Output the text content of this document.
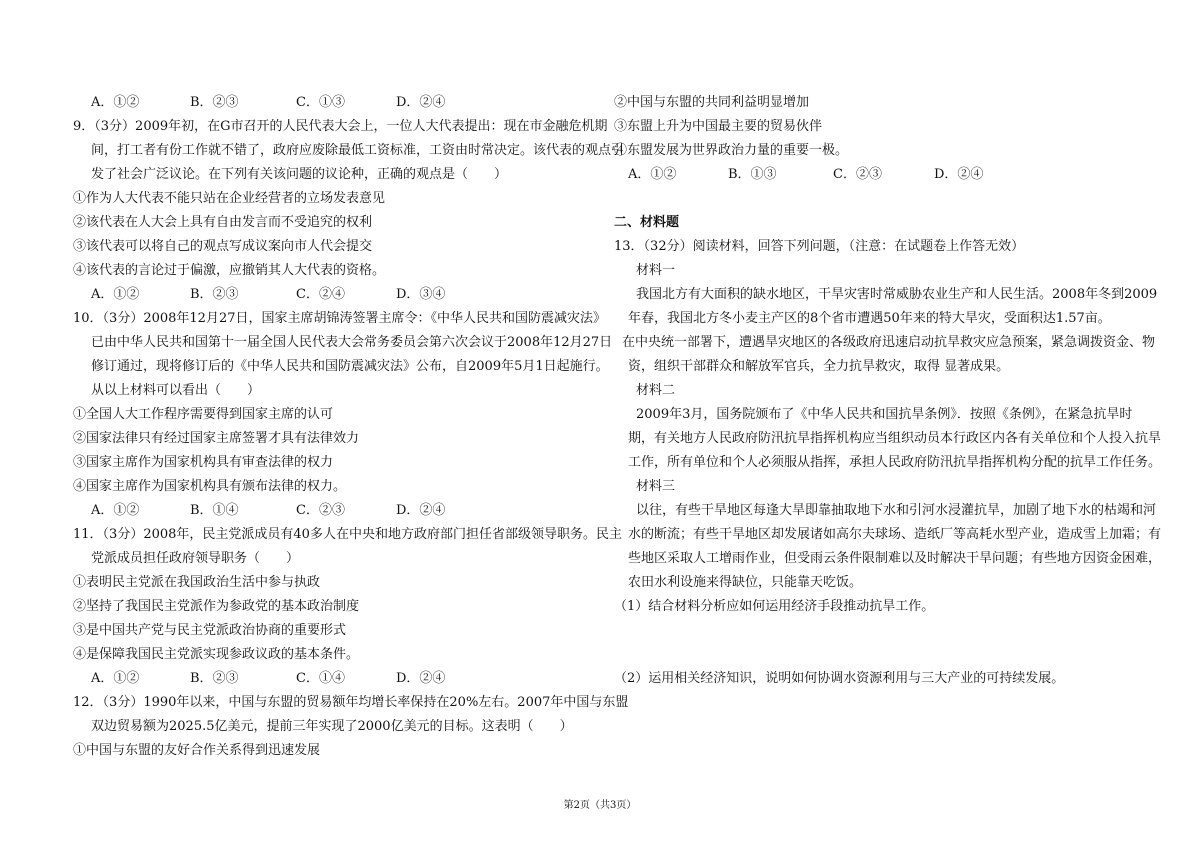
A．①②	B．②③	C．①③	D．②④
9．（3分）2009年初，在G市召开的人民代表大会上，一位人大代表提出：现在市金融危机期
间，打工者有份工作就不错了，政府应废除最低工资标准，工资由时常决定。该代表的观点引
发了社会广泛议论。在下列有关该问题的议论种，正确的观点是（　　）
①作为人大代表不能只站在企业经营者的立场发表意见
②该代表在人大会上具有自由发言而不受追究的权利
③该代表可以将自己的观点写成议案向市人代会提交
④该代表的言论过于偏激，应撤销其人大代表的资格。
A．①②	B．②③	C．②④	D．③④
10．（3分）2008年12月27日，国家主席胡锦涛签署主席令：《中华人民共和国防震减灾法》
已由中华人民共和国第十一届全国人民代表大会常务委员会第六次会议于2008年12月27日
修订通过，现将修订后的《中华人民共和国防震减灾法》公布，自2009年5月1日起施行。
从以上材料可以看出（　　）
①全国人大工作程序需要得到国家主席的认可
②国家法律只有经过国家主席签署才具有法律效力
③国家主席作为国家机构具有审查法律的权力
④国家主席作为国家机构具有颁布法律的权力。
A．①②	B．①④	C．②③	D．②④
11．（3分）2008年，民主党派成员有40多人在中央和地方政府部门担任省部级领导职务。民主
党派成员担任政府领导职务（　　）
①表明民主党派在我国政治生活中参与执政
②坚持了我国民主党派作为参政党的基本政治制度
③是中国共产党与民主党派政治协商的重要形式
④是保障我国民主党派实现参政议政的基本条件。
A．①②	B．②③	C．①④	D．②④
12．（3分）1990年以来，中国与东盟的贸易额年均增长率保持在20%左右。2007年中国与东盟
双边贸易额为2025.5亿美元，提前三年实现了2000亿美元的目标。这表明（　　）
①中国与东盟的友好合作关系得到迅速发展
②中国与东盟的共同利益明显增加
③东盟上升为中国最主要的贸易伙伴
④东盟发展为世界政治力量的重要一极。
A．①②	B．①③	C．②③	D．②④
二、材料题
13．（32分）阅读材料，回答下列问题，（注意：在试题卷上作答无效）
材料一
我国北方有大面积的缺水地区，干旱灾害时常威胁农业生产和人民生活。2008年冬到2009
年春，我国北方冬小麦主产区的8个省市遭遇50年来的特大旱灾，受面积达1.57亩。
在中央统一部署下，遭遇旱灾地区的各级政府迅速启动抗旱救灾应急预案，紧急调拨资金、物
资，组织干部群众和解放军官兵，全力抗旱救灾，取得 显著成果。
材料二
2009年3月，国务院颁布了《中华人民共和国抗旱条例》．按照《条例》，在紧急抗旱时
期，有关地方人民政府防汛抗旱指挥机构应当组织动员本行政区内各有关单位和个人投入抗旱
工作，所有单位和个人必须服从指挥，承担人民政府防汛抗旱指挥机构分配的抗旱工作任务。
材料三
以往，有些干旱地区每逢大旱即靠抽取地下水和引河水浸灌抗旱，加剧了地下水的枯竭和河
水的断流；有些干旱地区却发展诸如高尔夫球场、造纸厂等高耗水型产业，造成雪上加霜；有
些地区采取人工增雨作业，但受雨云条件限制难以及时解决干旱问题；有些地方因资金困难，
农田水利设施来得缺位，只能靠天吃饭。
（1）结合材料分析应如何运用经济手段推动抗旱工作。
（2）运用相关经济知识，说明如何协调水资源利用与三大产业的可持续发展。
第2页（共3页）
